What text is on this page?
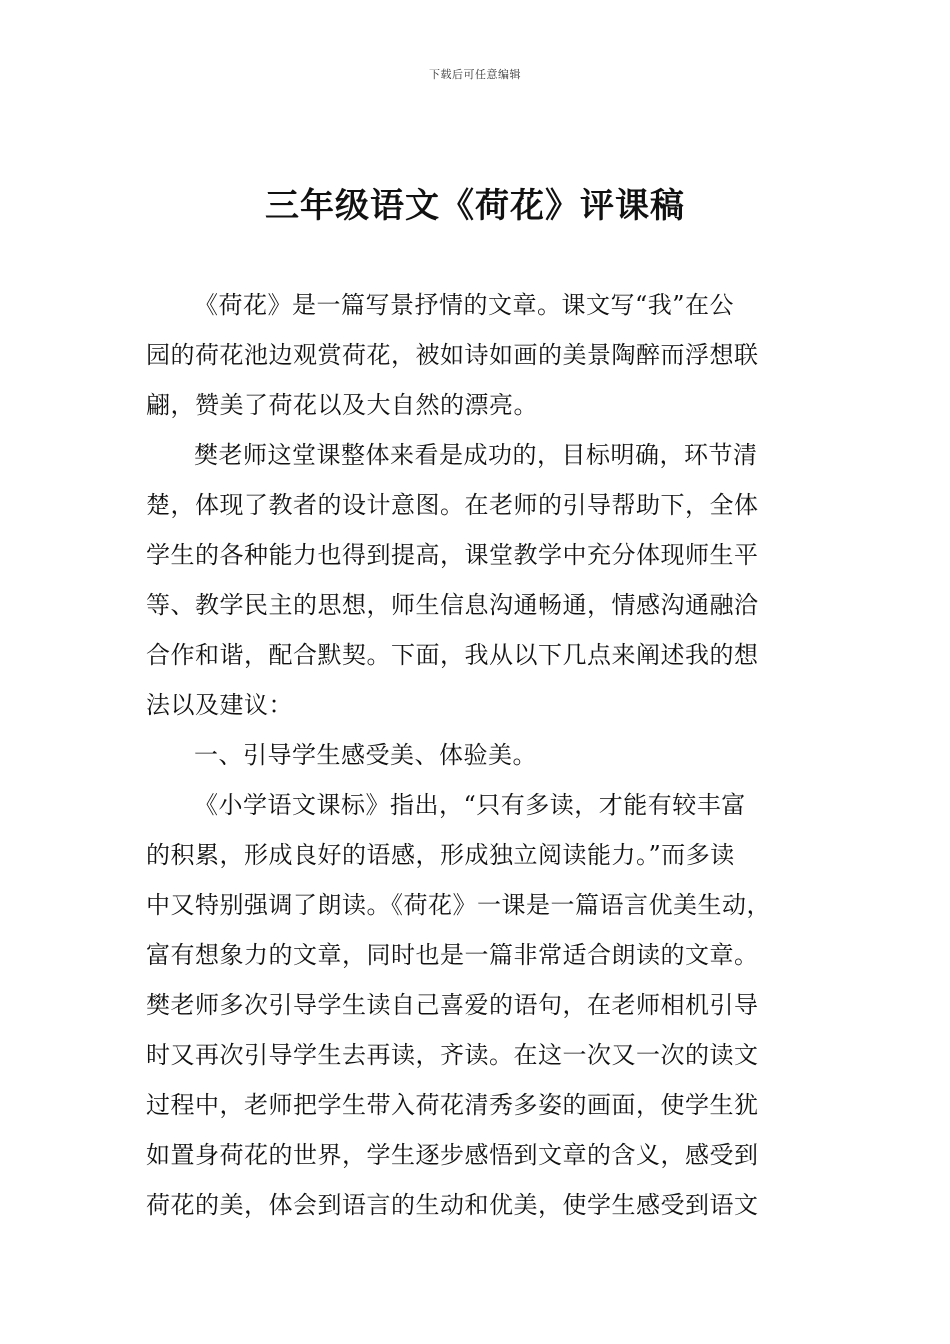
下载后可任意编辑
三年级语文《荷花》评课稿
《荷花》是一篇写景抒情的文章。课文写“我”在公
园的荷花池边观赏荷花，被如诗如画的美景陶醉而浮想联
翩，赞美了荷花以及大自然的漂亮。
樊老师这堂课整体来看是成功的，目标明确，环节清
楚，体现了教者的设计意图。在老师的引导帮助下，全体
学生的各种能力也得到提高，课堂教学中充分体现师生平
等、教学民主的思想，师生信息沟通畅通，情感沟通融洽
合作和谐，配合默契。下面，我从以下几点来阐述我的想
法以及建议：
一、引导学生感受美、体验美。
《小学语文课标》指出，“只有多读，才能有较丰富
的积累，形成良好的语感，形成独立阅读能力。”而多读
中又特别强调了朗读。《荷花》一课是一篇语言优美生动，
富有想象力的文章，同时也是一篇非常适合朗读的文章。
樊老师多次引导学生读自己喜爱的语句，在老师相机引导
时又再次引导学生去再读，齐读。在这一次又一次的读文
过程中，老师把学生带入荷花清秀多姿的画面，使学生犹
如置身荷花的世界，学生逐步感悟到文章的含义，感受到
荷花的美，体会到语言的生动和优美，使学生感受到语文
